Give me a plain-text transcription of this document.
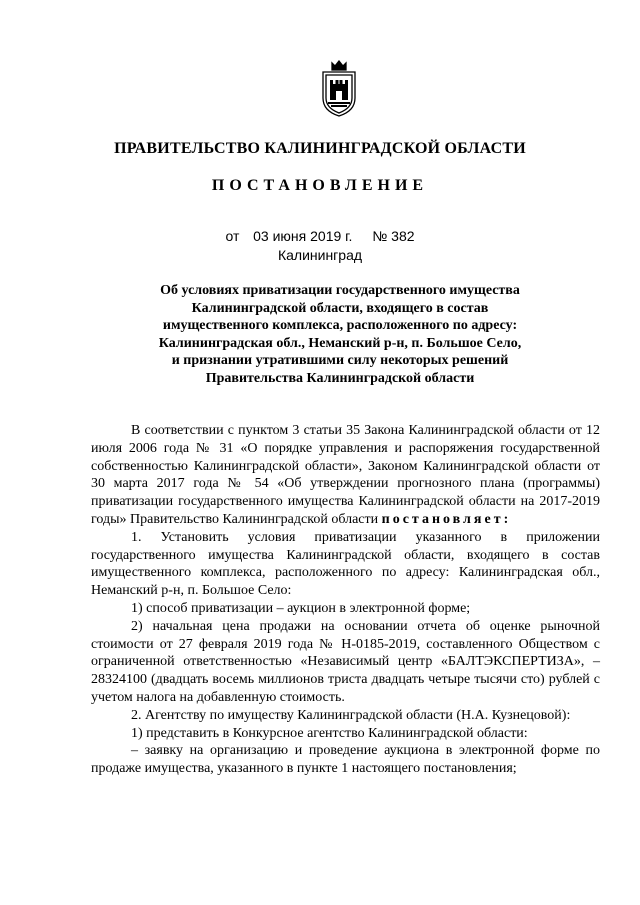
ПРАВИТЕЛЬСТВО КАЛИНИНГРАДСКОЙ ОБЛАСТИ
ПОСТАНОВЛЕНИЕ
от 03 июня 2019 г. № 382
Калининград
Об условиях приватизации государственного имущества
Калининградской области, входящего в состав
имущественного комплекса, расположенного по адресу:
Калининградская обл., Неманский р-н, п. Большое Село,
и признании утратившими силу некоторых решений
Правительства Калининградской области

В соответствии с пунктом 3 статьи 35 Закона Калининградской области от 12 июля 2006 года № 31 «О порядке управления и распоряжения государственной собственностью Калининградской области», Законом Калининградской области от 30 марта 2017 года № 54 «Об утверждении прогнозного плана (программы) приватизации государственного имущества Калининградской области на 2017-2019 годы» Правительство Калининградской области постановляет:

1. Установить условия приватизации указанного в приложении государственного имущества Калининградской области, входящего в состав имущественного комплекса, расположенного по адресу: Калининградская обл., Неманский р-н, п. Большое Село:

1) способ приватизации – аукцион в электронной форме;

2) начальная цена продажи на основании отчета об оценке рыночной стоимости от 27 февраля 2019 года № Н-0185-2019, составленного Обществом с ограниченной ответственностью «Независимый центр «БАЛТЭКСПЕРТИЗА», – 28324100 (двадцать восемь миллионов триста двадцать четыре тысячи сто) рублей с учетом налога на добавленную стоимость.

2. Агентству по имуществу Калининградской области (Н.А. Кузнецовой):

1) представить в Конкурсное агентство Калининградской области:

– заявку на организацию и проведение аукциона в электронной форме по продаже имущества, указанного в пункте 1 настоящего постановления;
